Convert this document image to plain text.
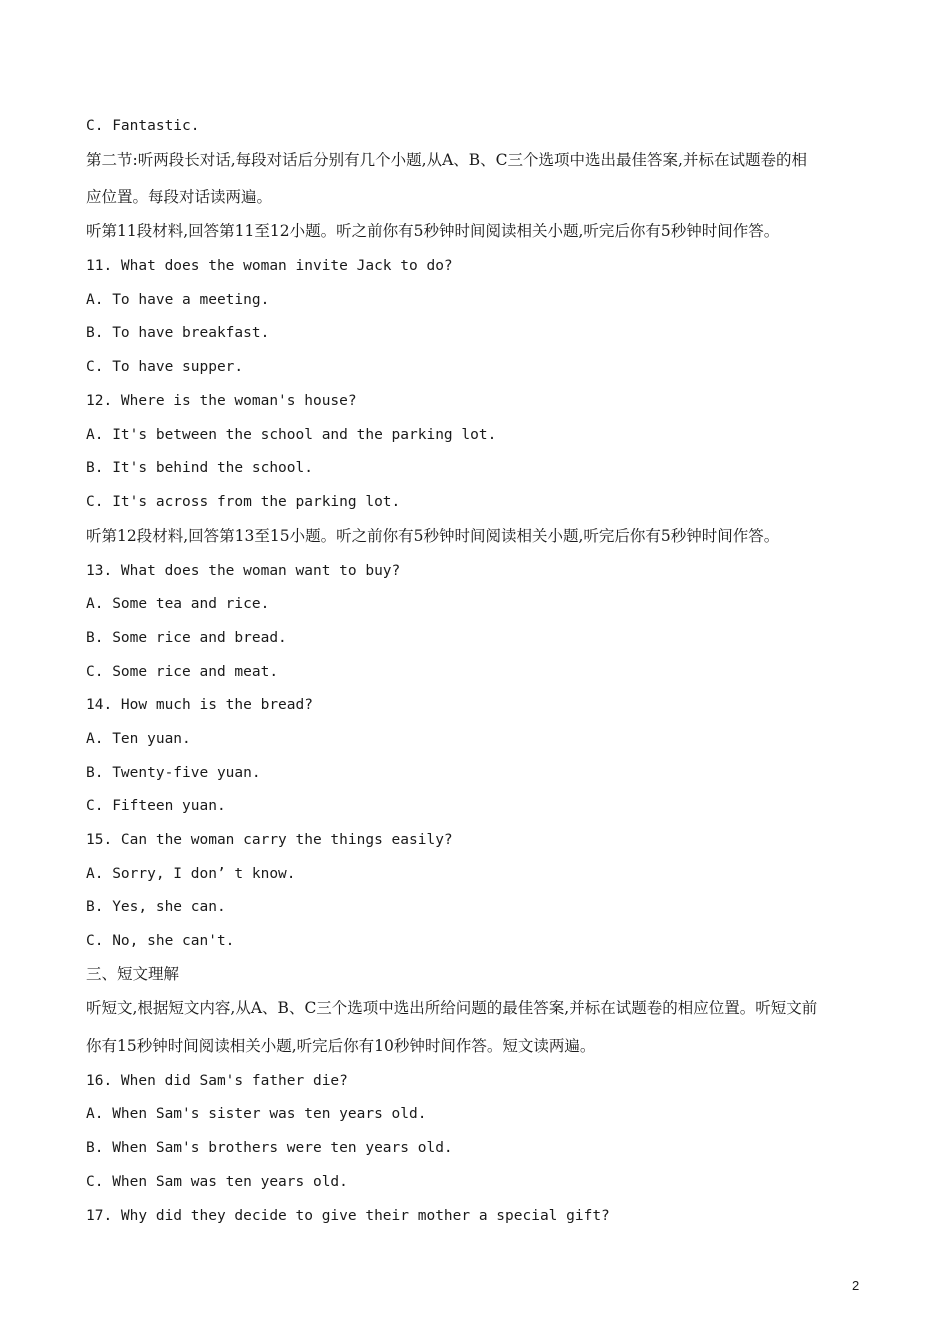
C. Fantastic.
第二节:听两段长对话,每段对话后分别有几个小题,从A、B、C三个选项中选出最佳答案,并标在试题卷的相
应位置。每段对话读两遍。
听第11段材料,回答第11至12小题。听之前你有5秒钟时间阅读相关小题,听完后你有5秒钟时间作答。
11. What does the woman invite Jack to do?
A. To have a meeting.
B. To have breakfast.
C. To have supper.
12. Where is the woman's house?
A. It's between the school and the parking lot.
B. It's behind the school.
C. It's across from the parking lot.
听第12段材料,回答第13至15小题。听之前你有5秒钟时间阅读相关小题,听完后你有5秒钟时间作答。
13. What does the woman want to buy?
A. Some tea and rice.
B. Some rice and bread.
C. Some rice and meat.
14. How much is the bread?
A. Ten yuan.
B. Twenty-five yuan.
C. Fifteen yuan.
15. Can the woman carry the things easily?
A. Sorry, I don’ t know.
B. Yes, she can.
C. No, she can't.
三、短文理解
听短文,根据短文内容,从A、B、C三个选项中选出所给问题的最佳答案,并标在试题卷的相应位置。听短文前
你有15秒钟时间阅读相关小题,听完后你有10秒钟时间作答。短文读两遍。
16. When did Sam's father die?
A. When Sam's sister was ten years old.
B. When Sam's brothers were ten years old.
C. When Sam was ten years old.
17. Why did they decide to give their mother a special gift?
2
